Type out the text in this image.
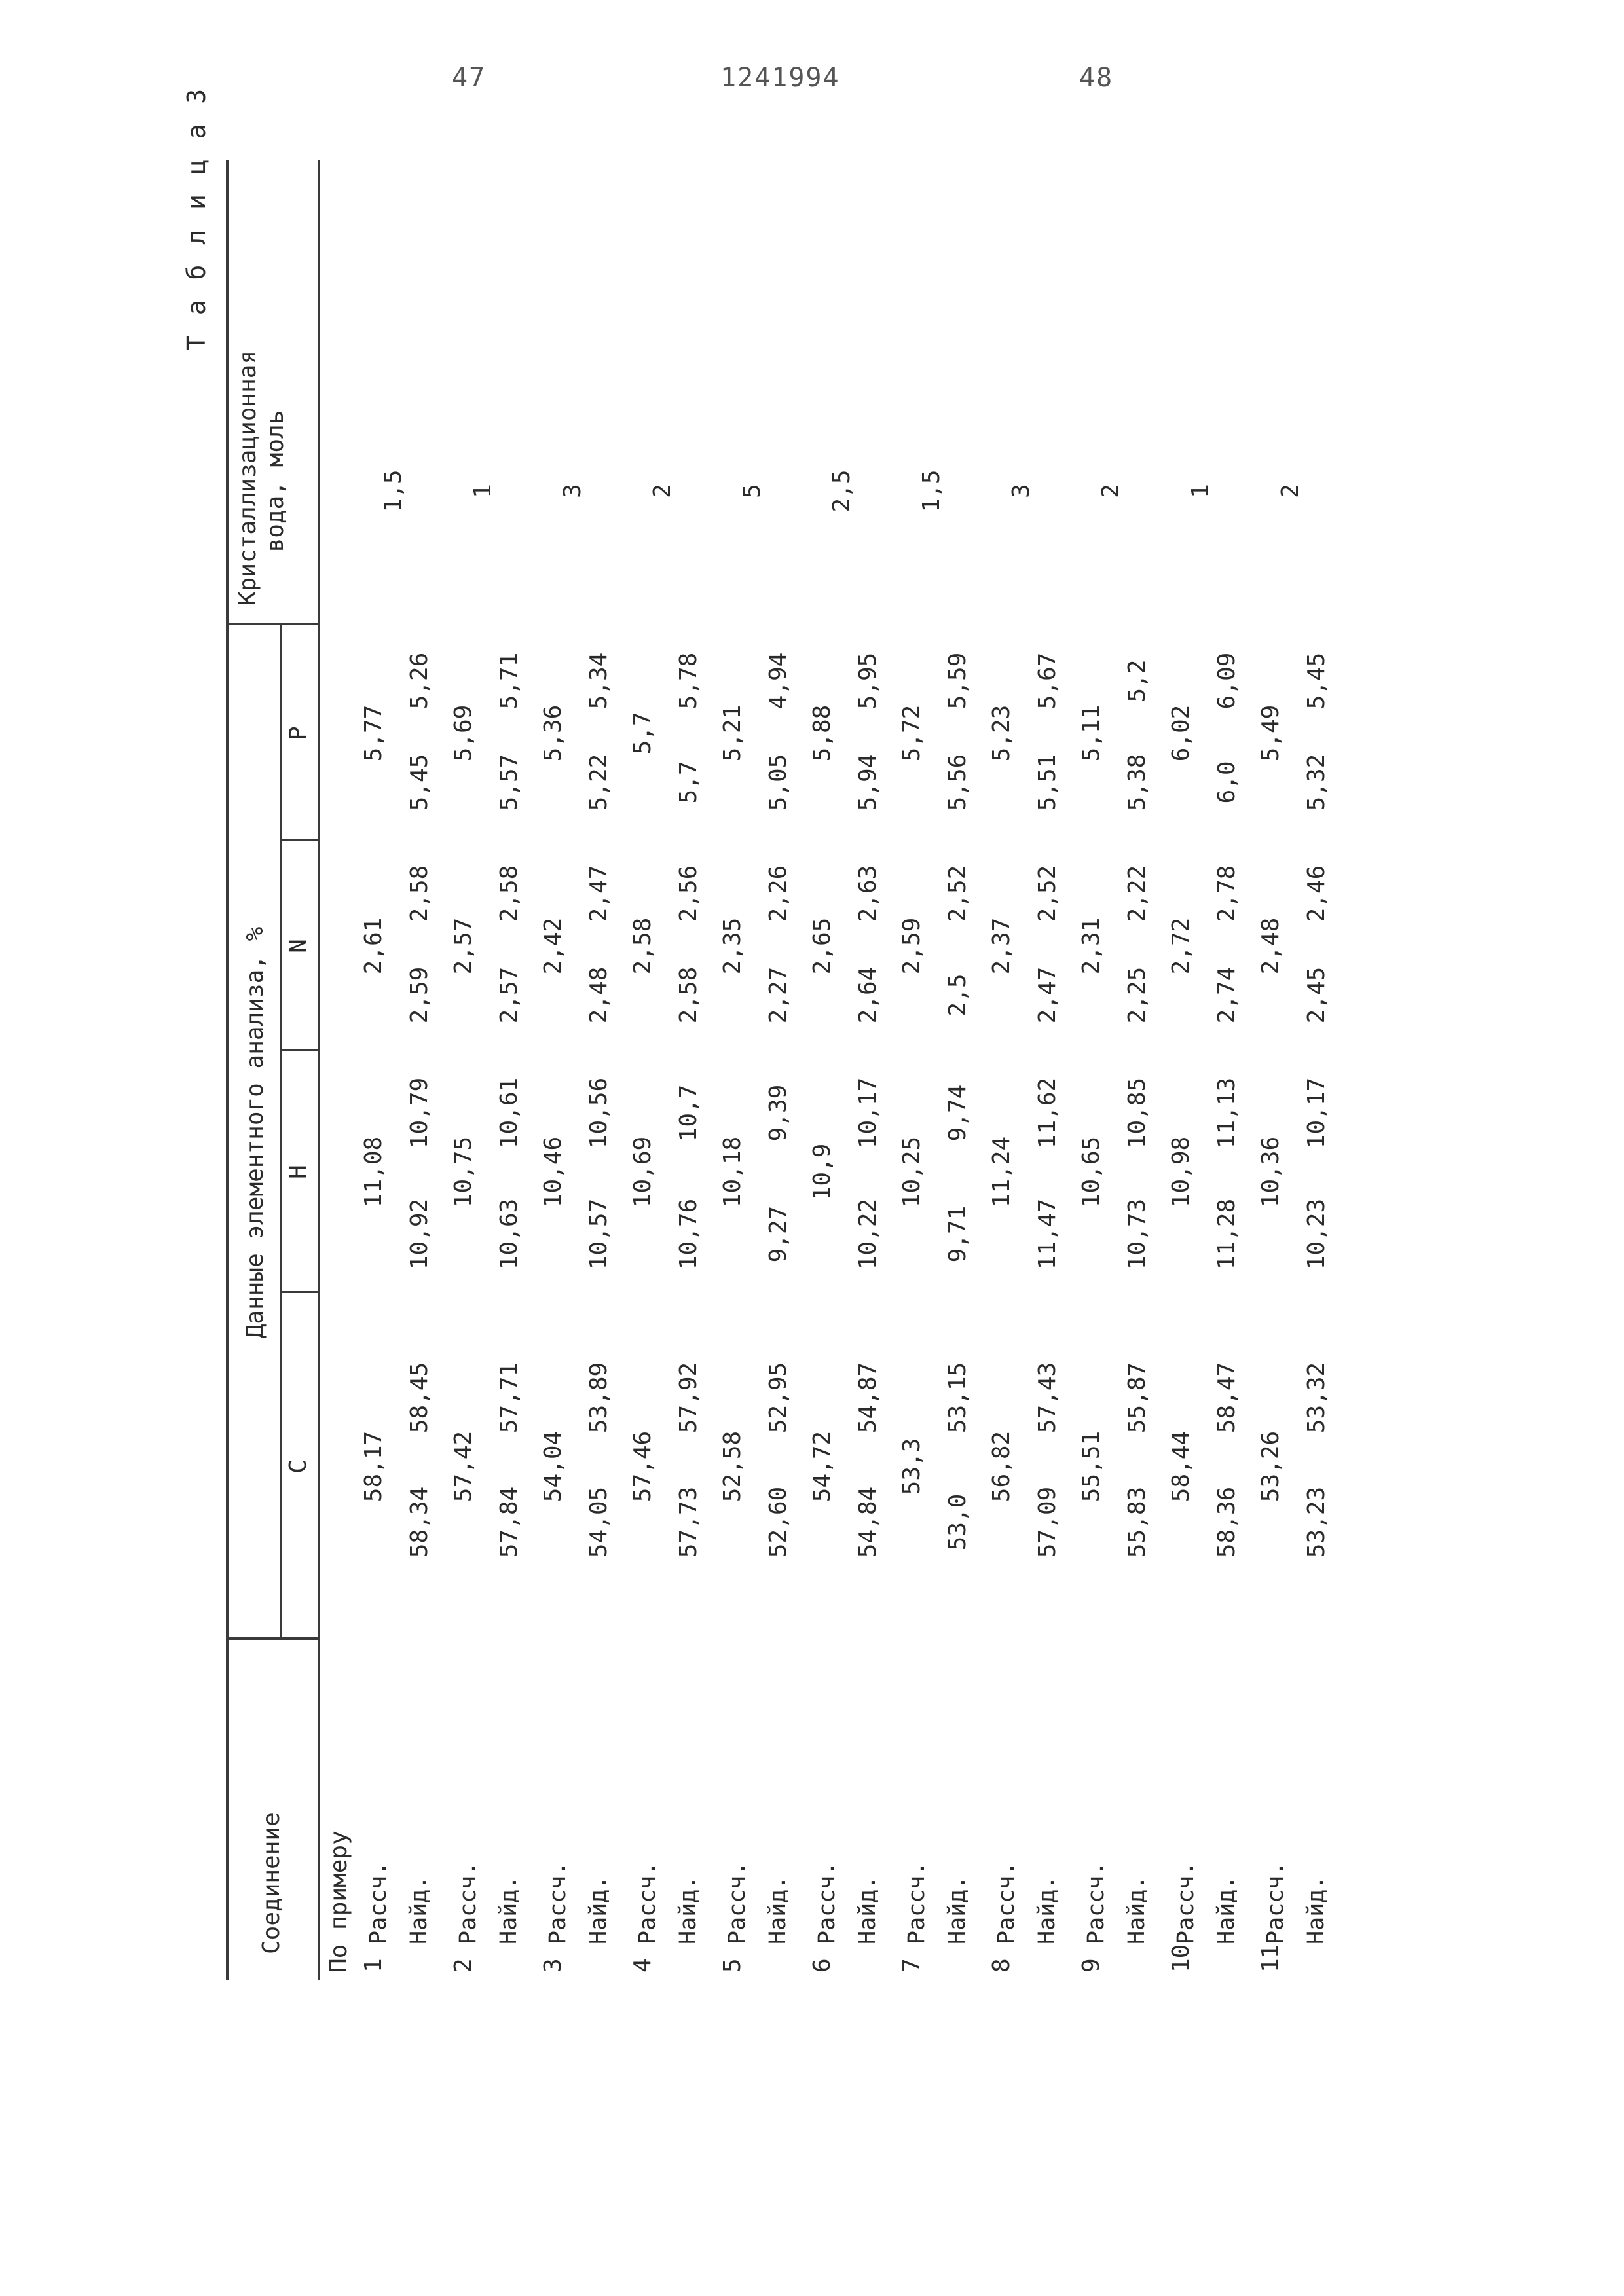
47	1241994	48
Т а б л и ц а 3
Соединение
Данные элементного анализа, %
Кристаллизационная вода, моль
С
Н
N
Р
По примеру 1
Рассч. Найд.
58,17
58,34
58,45
11,08
10,92
10,79
2,61
2,59
2,58
5,77
5,45
5,26
1,5
2
Рассч. Найд.
57,42
57,84
57,71
10,75
10,63
10,61
2,57
2,57
2,58
5,69
5,57
5,71
1
3
Рассч. Найд.
54,04
54,05
53,89
10,46
10,57
10,56
2,42
2,48
2,47
5,36
5,22
5,34
3
4
Рассч. Найд.
57,46
57,73
57,92
10,69
10,76
10,7
2,58
2,58
2,56
5,7
5,7
5,78
2
5
Рассч. Найд.
52,58
52,60
52,95
10,18
9,27
9,39
2,35
2,27
2,26
5,21
5,05
4,94
5
6
Рассч. Найд.
54,72
54,84
54,87
10,9
10,22
10,17
2,65
2,64
2,63
5,88
5,94
5,95
2,5
7
Рассч. Найд.
53,3
53,0
53,15
10,25
9,71
9,74
2,59
2,5
2,52
5,72
5,56
5,59
1,5
8
Рассч. Найд.
56,82
57,09
57,43
11,24
11,47
11,62
2,37
2,47
2,52
5,23
5,51
5,67
3
9
Рассч. Найд.
55,51
55,83
55,87
10,65
10,73
10,85
2,31
2,25
2,22
5,11
5,38
5,2
2
10
Рассч. Найд.
58,44
58,36
58,47
10,98
11,28
11,13
2,72
2,74
2,78
6,02
6,0
6,09
1
11
Рассч. Найд.
53,26
53,23
53,32
10,36
10,23
10,17
2,48
2,45
2,46
5,49
5,32
5,45
2
